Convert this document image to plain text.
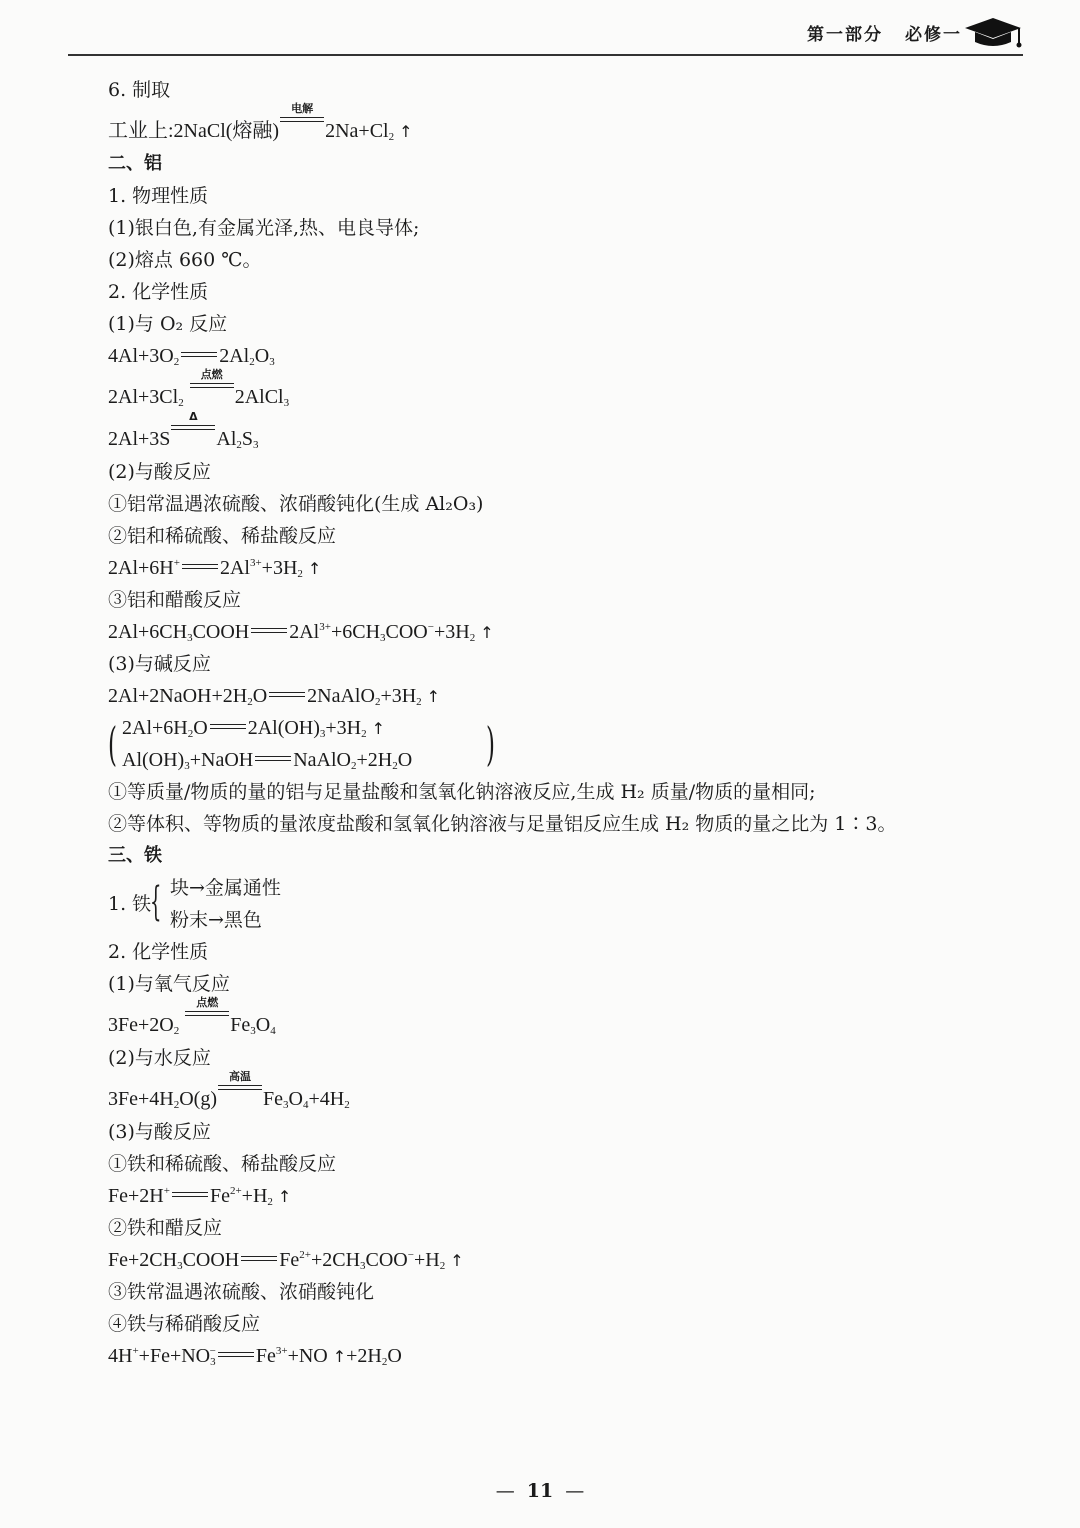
第一部分 必修一
6. 制取
工业上:2NaCl(熔融)
电解
$2Na+Cl_2$ ↑
二、铝
1. 物理性质
(1)银白色,有金属光泽,热、电良导体;
(2)熔点 660 ℃。
2. 化学性质
(1)与 O₂ 反应
$4Al+3O_2$ $2Al_2O_3$
$2Al+3Cl_2$
点燃
2AlCl$_3$
2Al+3S
Δ
$Al_2S_3$
(2)与酸反应
①铝常温遇浓硫酸、浓硝酸钝化(生成 Al₂O₃)
②铝和稀硫酸、稀盐酸反应
2Al+6H+ $2Al^{3+}+3H_2$ ↑
③铝和醋酸反应
$2Al+6CH_3COOH$ $2Al^{3+}+6CH_3COO^-+3H_2$ ↑
(3)与碱反应
$2Al+2NaOH+2H_2O$ $2NaAlO_2+3H_2$ ↑
( $2Al+6H_2O$ $2Al(OH)_3+3H_2$ ↑
$Al(OH)_3+NaOH$ $NaAlO_2+2H_2O$ )
①等质量/物质的量的铝与足量盐酸和氢氧化钠溶液反应,生成 H₂ 质量/物质的量相同;
②等体积、等物质的量浓度盐酸和氢氧化钠溶液与足量铝反应生成 H₂ 物质的量之比为 1∶3。
三、铁
1. 铁
{ 块→金属通性
粉末→黑色
2. 化学性质
(1)与氧气反应
$3Fe+2O_2$
点燃
$Fe_3O_4$
(2)与水反应
$3Fe+4H_2O(g)$
高温
$Fe_3O_4+4H_2$
(3)与酸反应
①铁和稀硫酸、稀盐酸反应
Fe+2H+ $Fe^{2+}+H_2$ ↑
②铁和醋反应
$Fe+2CH_3COOH$ $Fe^{2+}+2CH_3COO^-+H_2$ ↑
③铁常温遇浓硫酸、浓硝酸钝化
④铁与稀硝酸反应
$4H^++Fe+NO_3^-$ $Fe^{3+}+NO$ $↑+2H_2O$
— 11 —
